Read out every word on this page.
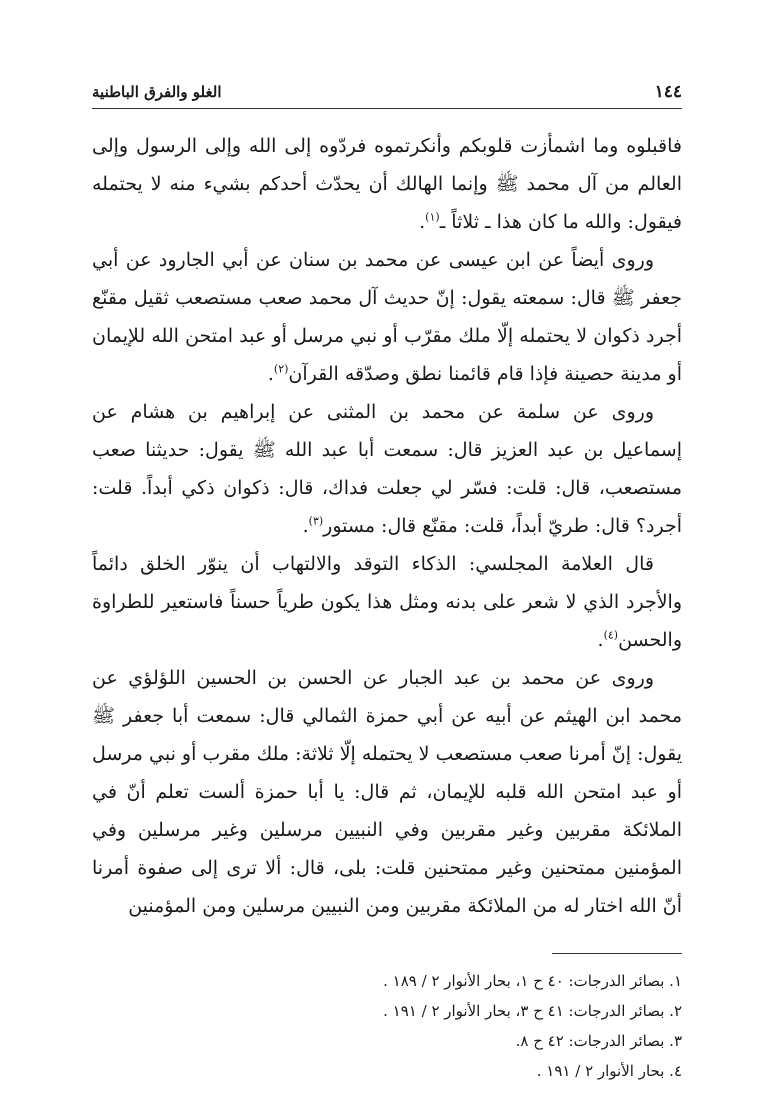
١٤٤
الغلو والفرق الباطنية

فاقبلوه وما اشمأزت قلوبكم وأنكرتموه فردّوه إلى الله وإلى الرسول وإلى العالم من آل محمد ﷺ وإنما الهالك أن يحدّث أحدكم بشيء منه لا يحتمله فيقول: والله ما كان هذا ـ ثلاثاً ـ$^{(١)}$.

وروى أيضاً عن ابن عيسى عن محمد بن سنان عن أبي الجارود عن أبي جعفر ﷺ قال: سمعته يقول: إنّ حديث آل محمد صعب مستصعب ثقيل مقنّع أجرد ذكوان لا يحتمله إلّا ملك مقرّب أو نبي مرسل أو عبد امتحن الله للإيمان أو مدينة حصينة فإذا قام قائمنا نطق وصدّقه القرآن$^{(٢)}$.

وروى عن سلمة عن محمد بن المثنى عن إبراهيم بن هشام عن إسماعيل بن عبد العزيز قال: سمعت أبا عبد الله ﷺ يقول: حديثنا صعب مستصعب، قال: قلت: فسّر لي جعلت فداك، قال: ذكوان ذكي أبداً. قلت: أجرد؟ قال: طريّ أبداً، قلت: مقنّع قال: مستور$^{(٣)}$.

قال العلامة المجلسي: الذكاء التوقد والالتهاب أن ينوّر الخلق دائماً والأجرد الذي لا شعر على بدنه ومثل هذا يكون طرياً حسناً فاستعير للطراوة والحسن$^{(٤)}$.

وروى عن محمد بن عبد الجبار عن الحسن بن الحسين اللؤلؤي عن محمد ابن الهيثم عن أبيه عن أبي حمزة الثمالي قال: سمعت أبا جعفر ﷺ يقول: إنّ أمرنا صعب مستصعب لا يحتمله إلّا ثلاثة: ملك مقرب أو نبي مرسل أو عبد امتحن الله قلبه للإيمان، ثم قال: يا أبا حمزة ألست تعلم أنّ في الملائكة مقربين وغير مقربين وفي النبيين مرسلين وغير مرسلين وفي المؤمنين ممتحنين وغير ممتحنين قلت: بلى، قال: ألا ترى إلى صفوة أمرنا أنّ الله اختار له من الملائكة مقربين ومن النبيين مرسلين ومن المؤمنين

١. بصائر الدرجات: ٤٠ ح ١، بحار الأنوار ٢ / ١٨٩ .
٢. بصائر الدرجات: ٤١ ح ٣، بحار الأنوار ٢ / ١٩١ .
٣. بصائر الدرجات: ٤٢ ح ٨.
٤. بحار الأنوار ٢ / ١٩١ .
